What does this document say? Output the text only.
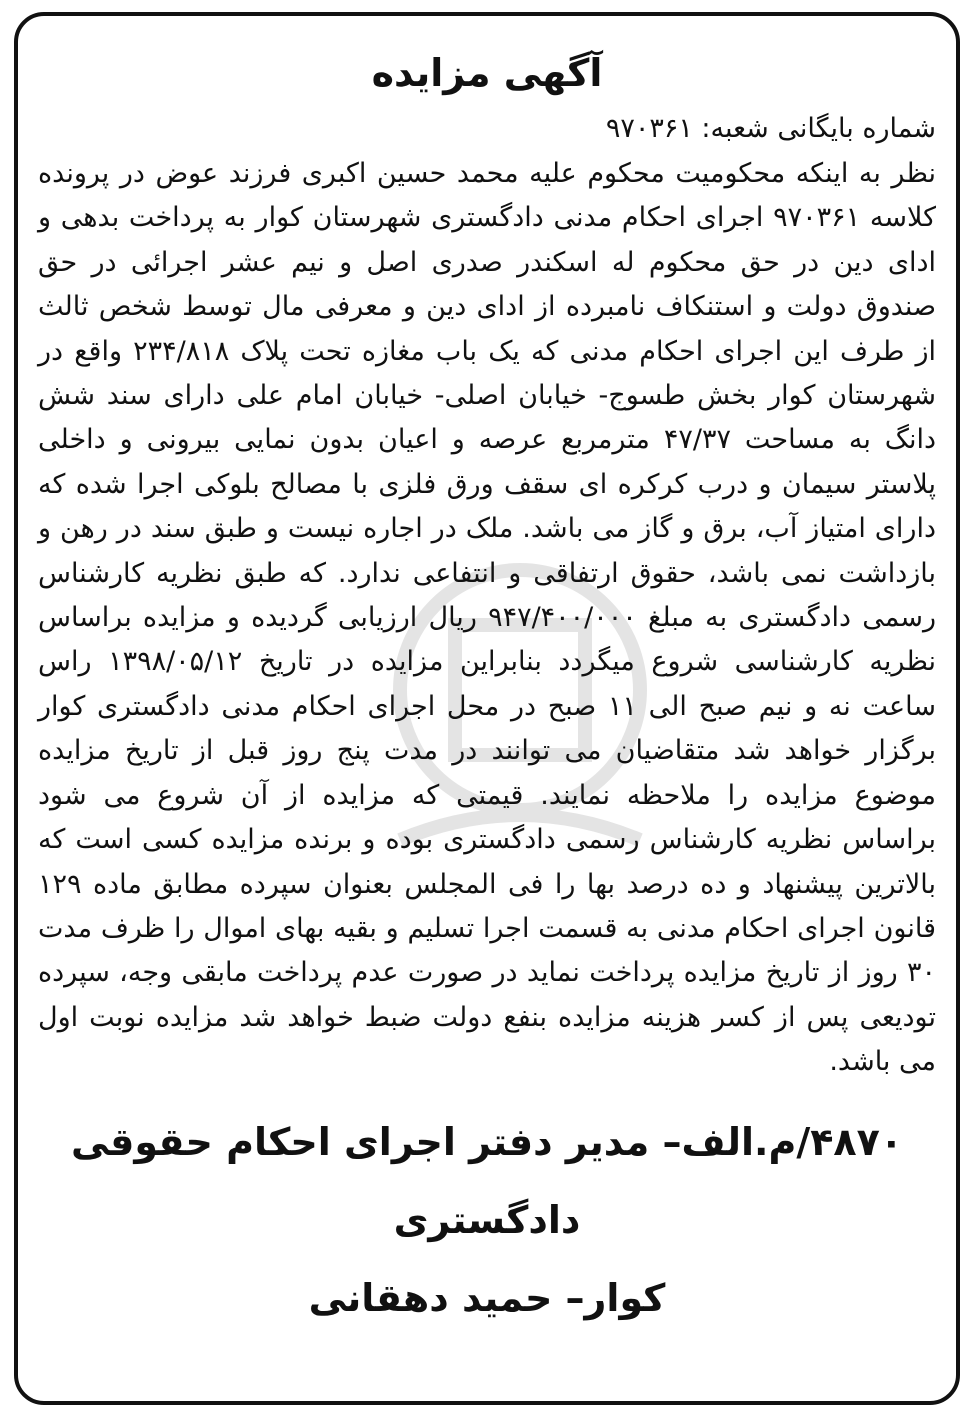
آگهی مزایده

شماره بایگانی شعبه: ۹۷۰۳۶۱

نظر به اینکه محکومیت محکوم علیه محمد حسین اکبری فرزند عوض در پرونده کلاسه ۹۷۰۳۶۱ اجرای احکام مدنی دادگستری شهرستان کوار به پرداخت بدهی و ادای دین در حق محکوم له اسکندر صدری اصل و نیم عشر اجرائی در حق صندوق دولت و استنکاف نامبرده از ادای دین و معرفی مال توسط شخص ثالث از طرف این اجرای احکام مدنی که یک باب مغازه تحت پلاک ۲۳۴/۸۱۸ واقع در شهرستان کوار بخش طسوج- خیابان اصلی- خیابان امام علی دارای سند شش دانگ به مساحت ۴۷/۳۷ مترمربع عرصه و اعیان بدون نمایی بیرونی و داخلی پلاستر سیمان و درب کرکره ای سقف ورق فلزی با مصالح بلوکی اجرا شده که دارای امتیاز آب، برق و گاز می باشد. ملک در اجاره نیست و طبق سند در رهن و بازداشت نمی باشد، حقوق ارتفاقی و انتفاعی ندارد. که طبق نظریه کارشناس رسمی دادگستری به مبلغ ۹۴۷/۴۰۰/۰۰۰ ریال ارزیابی گردیده و مزایده براساس نظریه کارشناسی شروع میگردد بنابراین مزایده در تاریخ ۱۳۹۸/۰۵/۱۲ راس ساعت نه و نیم صبح الی ۱۱ صبح در محل اجرای احکام مدنی دادگستری کوار برگزار خواهد شد متقاضیان می توانند در مدت پنج روز قبل از تاریخ مزایده موضوع مزایده را ملاحظه نمایند. قیمتی که مزایده از آن شروع می شود براساس نظریه کارشناس رسمی دادگستری بوده و برنده مزایده کسی است که بالاترین پیشنهاد و ده درصد بها را فی المجلس بعنوان سپرده مطابق ماده ۱۲۹ قانون اجرای احکام مدنی به قسمت اجرا تسلیم و بقیه بهای اموال را ظرف مدت ۳۰ روز از تاریخ مزایده پرداخت نماید در صورت عدم پرداخت مابقی وجه، سپرده تودیعی پس از کسر هزینه مزایده بنفع دولت ضبط خواهد شد مزایده نوبت اول می باشد.

۴۸۷۰/م.الف– مدیر دفتر اجرای احکام حقوقی دادگستری
کوار– حمید دهقانی
